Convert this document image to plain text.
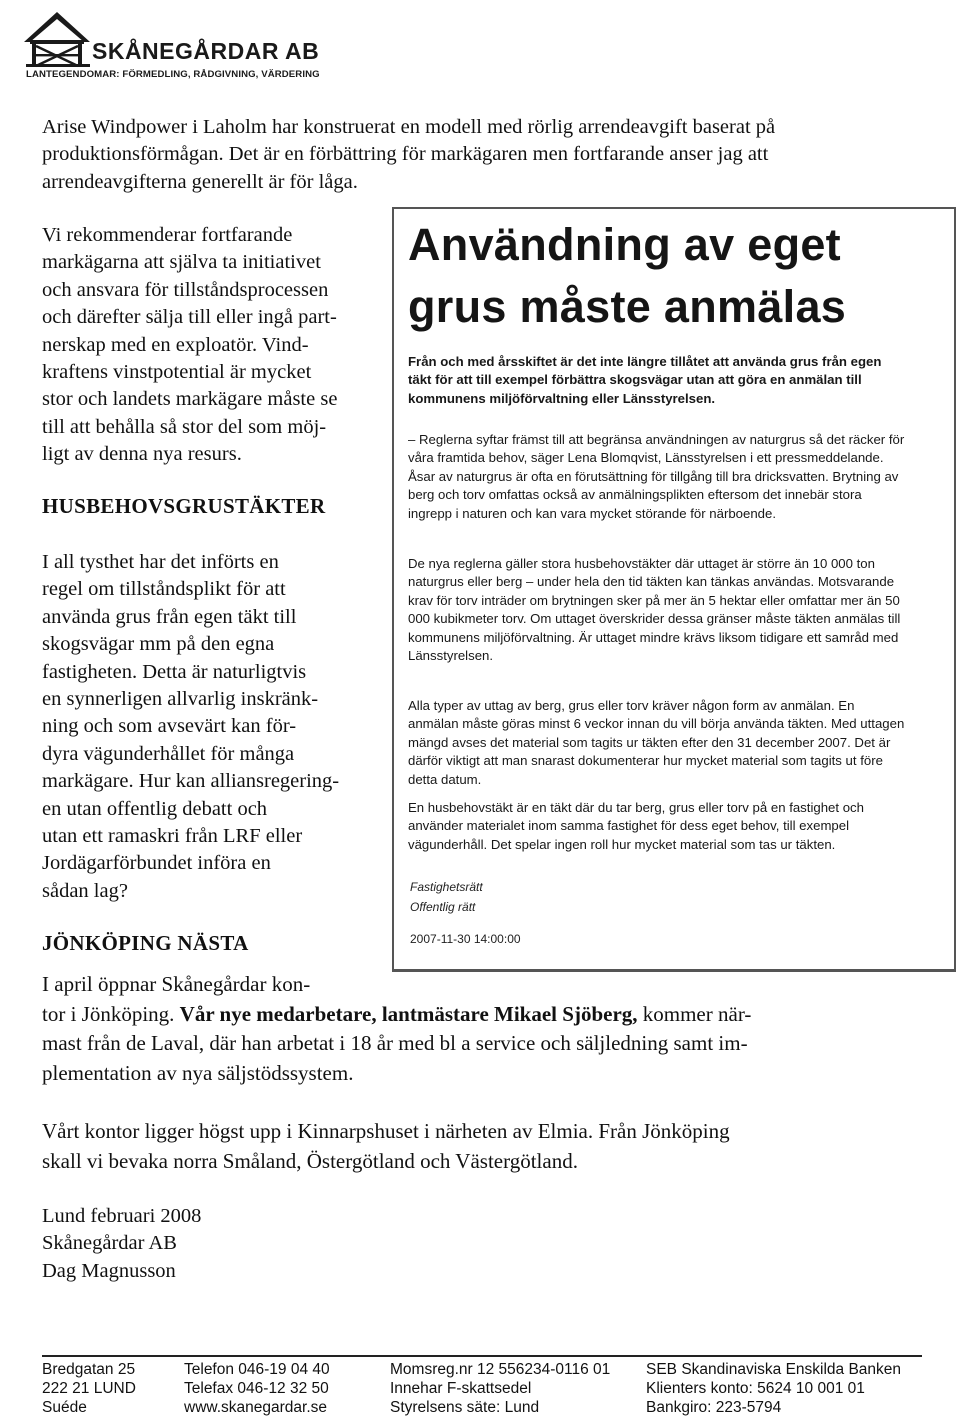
SKÅNEGÅRDAR AB
LANTEGENDOMAR: FÖRMEDLING, RÅDGIVNING, VÄRDERING
Arise Windpower i Laholm har konstruerat en modell med rörlig arrendeavgift baserat på
produktionsförmågan. Det är en förbättring för markägaren men fortfarande anser jag att
arrendeavgifterna generellt är för låga.
Vi rekommenderar fortfarande
markägarna att själva ta initiativet
och ansvara för tillståndsprocessen
och därefter sälja till eller ingå part-
nerskap med en exploatör. Vind-
kraftens vinstpotential är mycket
stor och landets markägare måste se
till att behålla så stor del som möj-
ligt av denna nya resurs.
HUSBEHOVSGRUSTÄKTER
I all tysthet har det införts en
regel om tillståndsplikt för att
använda grus från egen täkt till
skogsvägar mm på den egna
fastigheten. Detta är naturligtvis
en synnerligen allvarlig inskränk-
ning och som avsevärt kan för-
dyra vägunderhållet för många
markägare. Hur kan alliansregering-
en utan offentlig debatt och
utan ett ramaskri från LRF eller
Jordägarförbundet införa en
sådan lag?
Användning av eget
grus måste anmälas
Från och med årsskiftet är det inte längre tillåtet att använda grus från egen
täkt för att till exempel förbättra skogsvägar utan att göra en anmälan till
kommunens miljöförvaltning eller Länsstyrelsen.
– Reglerna syftar främst till att begränsa användningen av naturgrus så det räcker för
våra framtida behov, säger Lena Blomqvist, Länsstyrelsen i ett pressmeddelande.
Åsar av naturgrus är ofta en förutsättning för tillgång till bra dricksvatten. Brytning av
berg och torv omfattas också av anmälningsplikten eftersom det innebär stora
ingrepp i naturen och kan vara mycket störande för närboende.
De nya reglerna gäller stora husbehovstäkter där uttaget är större än 10 000 ton
naturgrus eller berg – under hela den tid täkten kan tänkas användas. Motsvarande
krav för torv inträder om brytningen sker på mer än 5 hektar eller omfattar mer än 50
000 kubikmeter torv. Om uttaget överskrider dessa gränser måste täkten anmälas till
kommunens miljöförvaltning. Är uttaget mindre krävs liksom tidigare ett samråd med
Länsstyrelsen.
Alla typer av uttag av berg, grus eller torv kräver någon form av anmälan. En
anmälan måste göras minst 6 veckor innan du vill börja använda täkten. Med uttagen
mängd avses det material som tagits ur täkten efter den 31 december 2007. Det är
därför viktigt att man snarast dokumenterar hur mycket material som tagits ut före
detta datum.
En husbehovstäkt är en täkt där du tar berg, grus eller torv på en fastighet och
använder materialet inom samma fastighet för dess eget behov, till exempel
vägunderhåll. Det spelar ingen roll hur mycket material som tas ur täkten.
Fastighetsrätt
Offentlig rätt
2007-11-30 14:00:00
JÖNKÖPING NÄSTA
I april öppnar Skånegårdar kon-
tor i Jönköping. Vår nye medarbetare, lantmästare Mikael Sjöberg, kommer när-
mast från de Laval, där han arbetat i 18 år med bl a service och säljledning samt im-
plementation av nya säljstödssystem.
Vårt kontor ligger högst upp i Kinnarpshuset i närheten av Elmia. Från Jönköping
skall vi bevaka norra Småland, Östergötland och Västergötland.
Lund februari 2008
Skånegårdar AB
Dag Magnusson
Bredgatan 25
222 21 LUND
Suéde
Telefon 046-19 04 40
Telefax 046-12 32 50
www.skanegardar.se
Momsreg.nr 12 556234-0116 01
Innehar F-skattsedel
Styrelsens säte: Lund
SEB Skandinaviska Enskilda Banken
Klienters konto: 5624 10 001 01
Bankgiro: 223-5794
